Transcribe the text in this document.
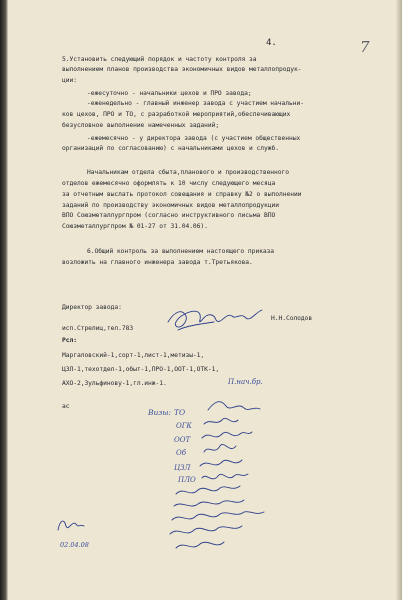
4.	7
5.Установить следующий порядок и частоту контроля за
выполнением планов производства экономичных видов металлопродук-
ции:
-ежесуточно - начальники цехов и ПРО завода;
-еженедельно - главный инженер завода с участием начальни-
ков цехов, ПРО и ТО, с разработкой мероприятий,обеспечивающих
безусловное выполнение намеченных заданий;
-ежемесячно - у директора завода (с участием общественных
организаций по согласованию) с начальниками цехов и служб.
Начальникам отдела сбыта,планового и производственного
отделов ежемесячно оформлять к 10 числу следующего месяца
за отчетным выслать протокол совещания и справку №2 о выполнении
заданий по производству экономичных видов металлопродукции
ВПО Союзметаллургпром (согласно инструктивного письма ВПО
Союзметаллургпром № 01-27 от 31.04.06).
6.Общий контроль за выполнением настоящего приказа
возложить на главного инженера завода т.Третьякова.
Директор завода:
Н.Н.Солодов
исп.Стрелиц,тел.783
Рсл:
Маргаловский-1,сорт-1,лист-1,метизы-1,
ЦЗЛ-1,техотдел-1,обыт-1,ПРО-1,ООТ-1,ОТК-1,
АХО-2,Зульфинову-1,гл.инж-1.	П.нач.бр.
ас
Визы: ТО
ОГК
ООТ
Об
ЦЗЛ
ПЛО
02.04.08
